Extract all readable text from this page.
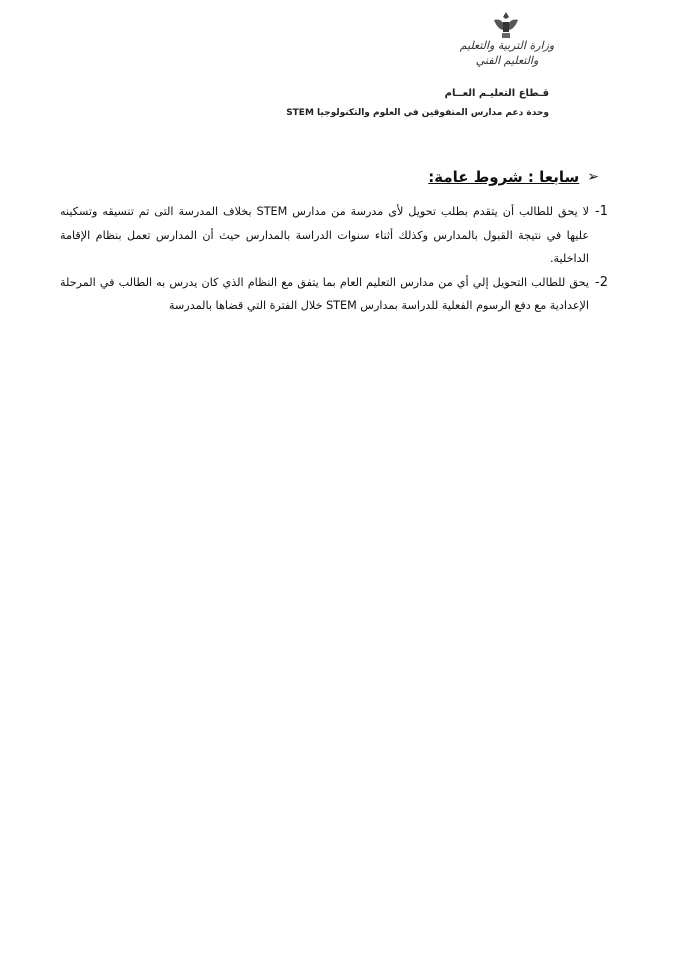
وزارة التربية والتعليم
والتعليم الفني
قـطاع التعليـم العــام
وحدة دعم مدارس المتفوقين في العلوم والتكنولوجيا STEM
➢
سابعا : شروط عامة:
1-
لا يحق للطالب أن يتقدم بطلب تحويل لأى مدرسة من مدارس STEM بخلاف المدرسة التى تم تنسيقه وتسكينه عليها في نتيجة القبول بالمدارس وكذلك أثناء سنوات الدراسة بالمدارس حيث أن المدارس تعمل بنظام الإقامة الداخلية.
2-
يحق للطالب التحويل إلي أي من مدارس التعليم العام بما يتفق مع النظام الذي كان يدرس به الطالب في المرحلة الإعدادية مع دفع الرسوم الفعلية للدراسة بمدارس STEM خلال الفترة التي قضاها بالمدرسة
